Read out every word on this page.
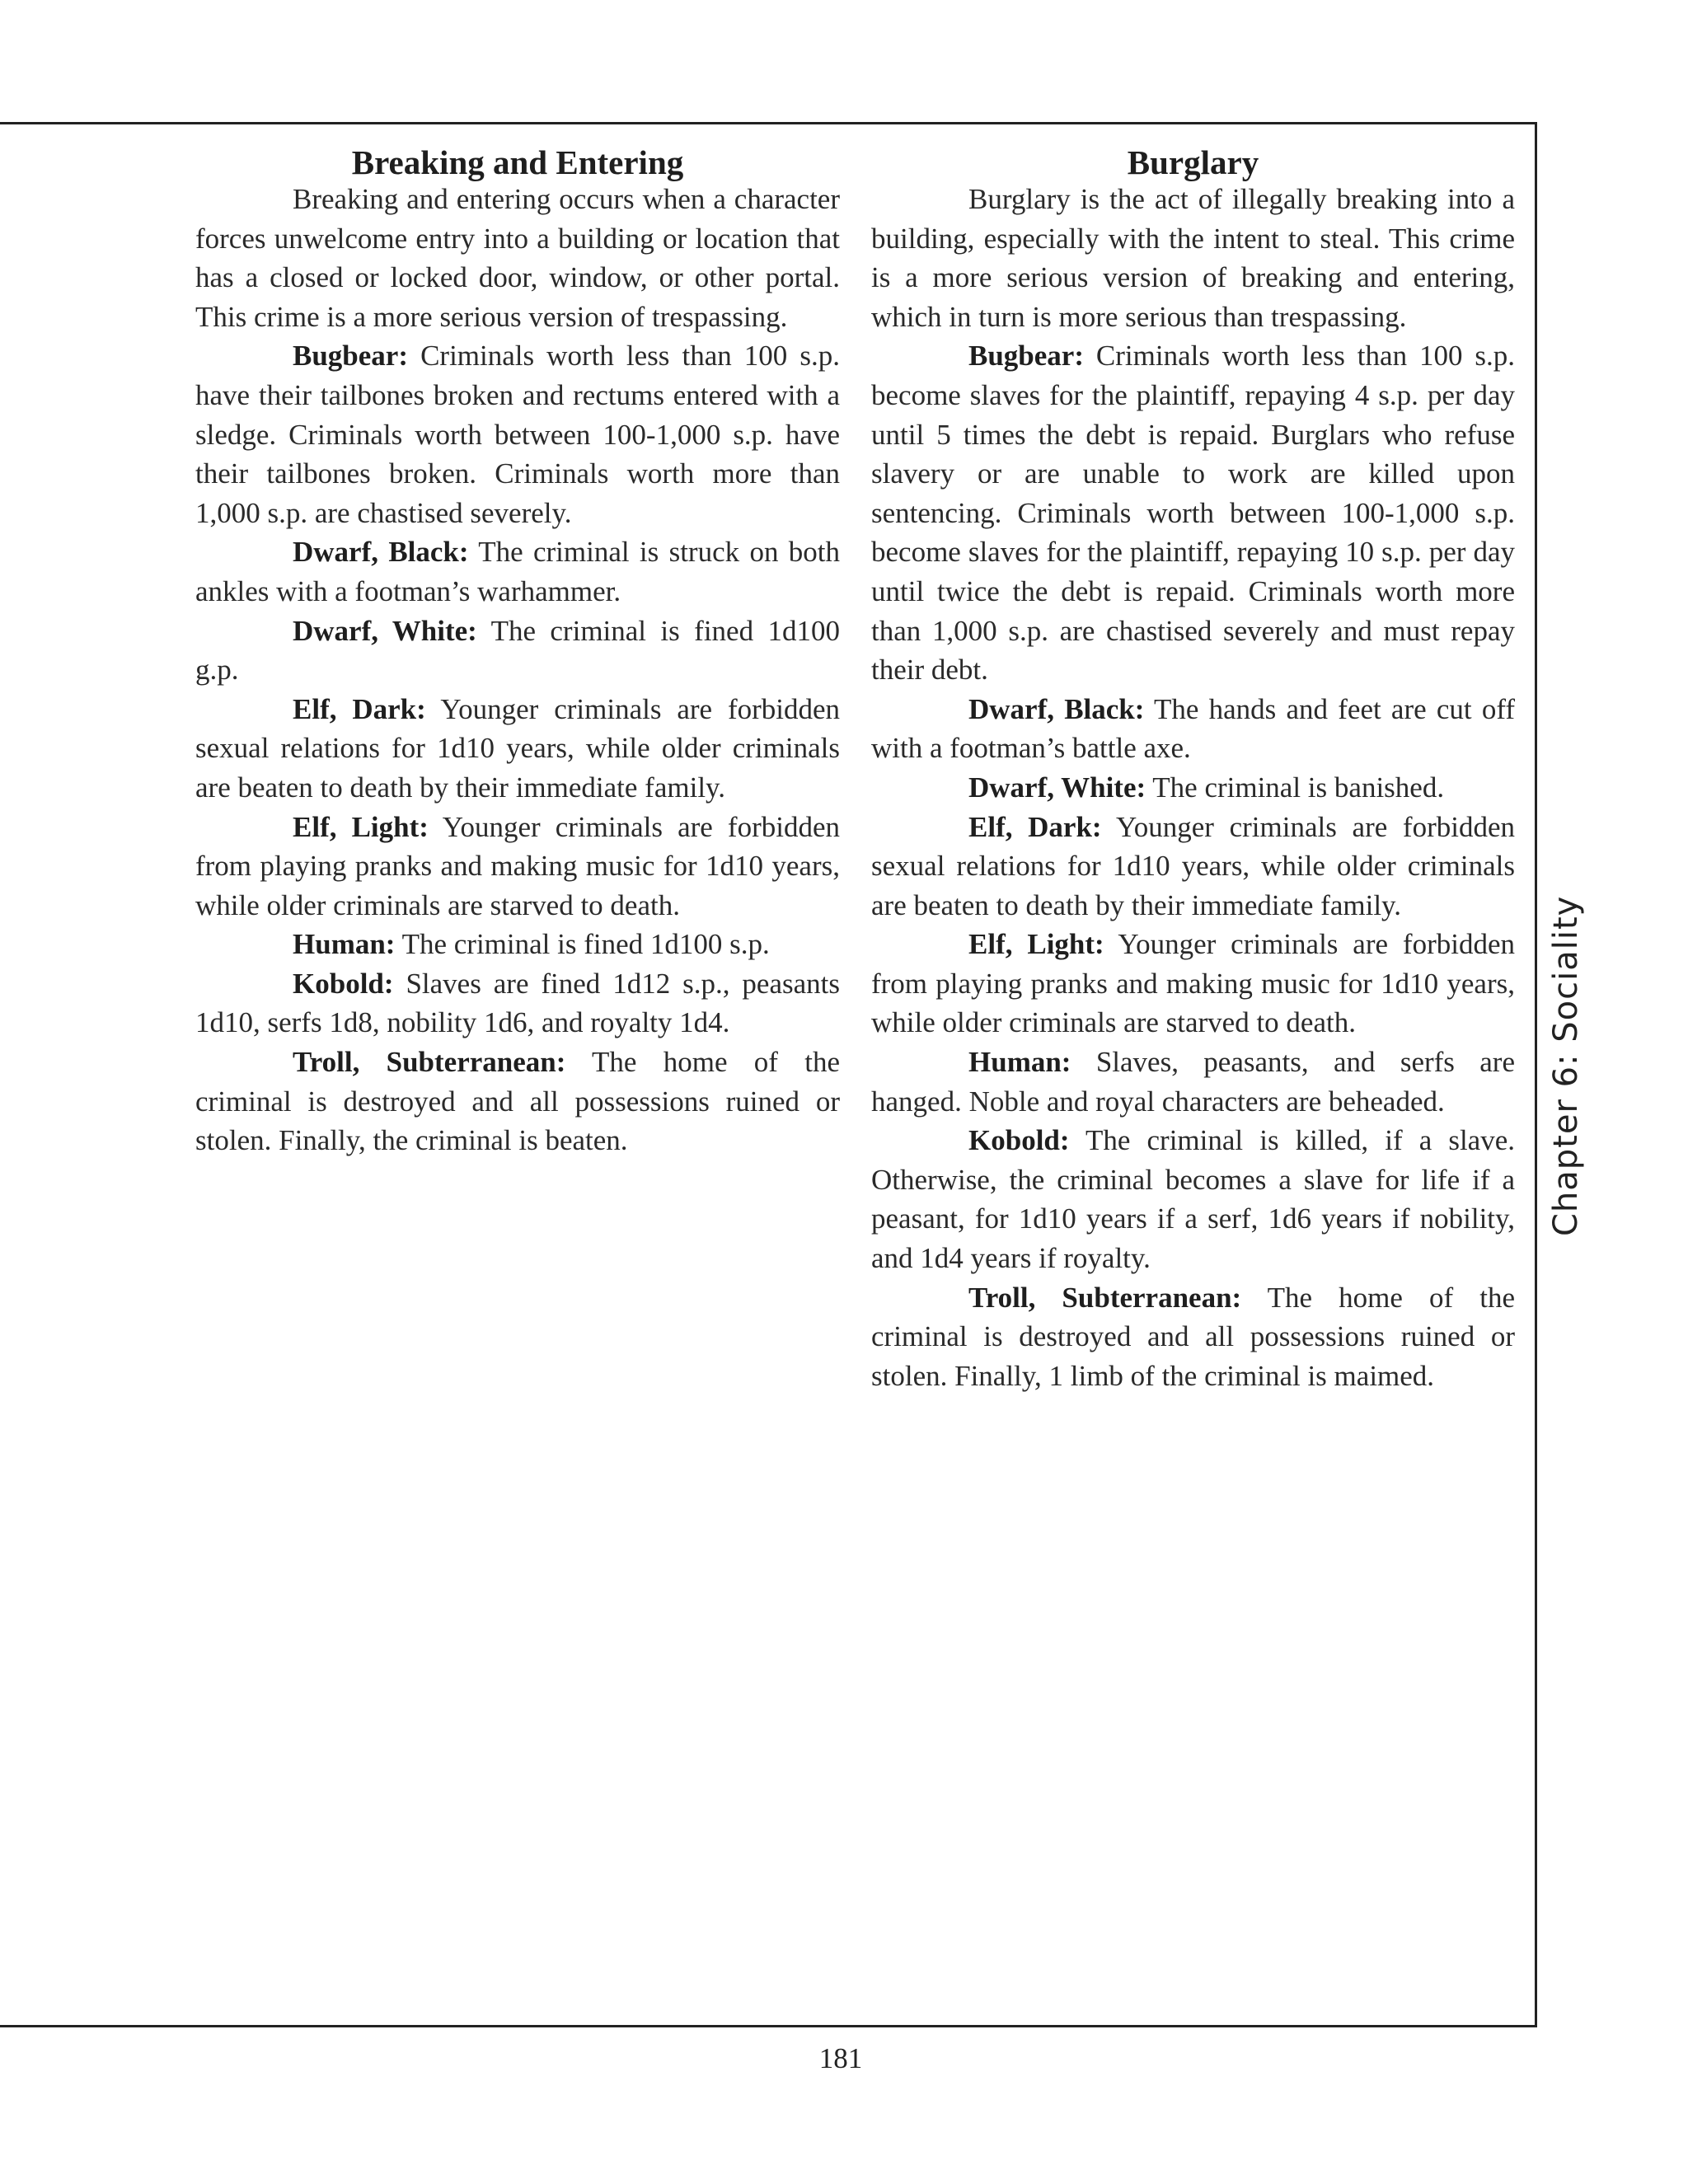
Breaking and Entering

Breaking and entering occurs when a character forces unwelcome entry into a building or location that has a closed or locked door, window, or other portal. This crime is a more serious version of trespassing.

Bugbear: Criminals worth less than 100 s.p. have their tailbones broken and rectums entered with a sledge. Criminals worth between 100-1,000 s.p. have their tailbones broken. Criminals worth more than 1,000 s.p. are chastised severely.

Dwarf, Black: The criminal is struck on both ankles with a footman’s warhammer.

Dwarf, White: The criminal is fined 1d100 g.p.

Elf, Dark: Younger criminals are forbidden sexual relations for 1d10 years, while older criminals are beaten to death by their immediate family.

Elf, Light: Younger criminals are forbidden from playing pranks and making music for 1d10 years, while older criminals are starved to death.

Human: The criminal is fined 1d100 s.p.

Kobold: Slaves are fined 1d12 s.p., peasants 1d10, serfs 1d8, nobility 1d6, and royalty 1d4.

Troll, Subterranean: The home of the criminal is destroyed and all possessions ruined or stolen. Finally, the criminal is beaten.

Burglary

Burglary is the act of illegally breaking into a building, especially with the intent to steal. This crime is a more serious version of breaking and entering, which in turn is more serious than trespassing.

Bugbear: Criminals worth less than 100 s.p. become slaves for the plaintiff, repaying 4 s.p. per day until 5 times the debt is repaid. Burglars who refuse slavery or are unable to work are killed upon sentencing. Criminals worth between 100-1,000 s.p. become slaves for the plaintiff, repaying 10 s.p. per day until twice the debt is repaid. Criminals worth more than 1,000 s.p. are chastised severely and must repay their debt.

Dwarf, Black: The hands and feet are cut off with a footman’s battle axe.

Dwarf, White: The criminal is banished.

Elf, Dark: Younger criminals are forbidden sexual relations for 1d10 years, while older criminals are beaten to death by their immediate family.

Elf, Light: Younger criminals are forbidden from playing pranks and making music for 1d10 years, while older criminals are starved to death.

Human: Slaves, peasants, and serfs are hanged. Noble and royal characters are beheaded.

Kobold: The criminal is killed, if a slave. Otherwise, the criminal becomes a slave for life if a peasant, for 1d10 years if a serf, 1d6 years if nobility, and 1d4 years if royalty.

Troll, Subterranean: The home of the criminal is destroyed and all possessions ruined or stolen. Finally, 1 limb of the criminal is maimed.

Chapter 6: Sociality
181
